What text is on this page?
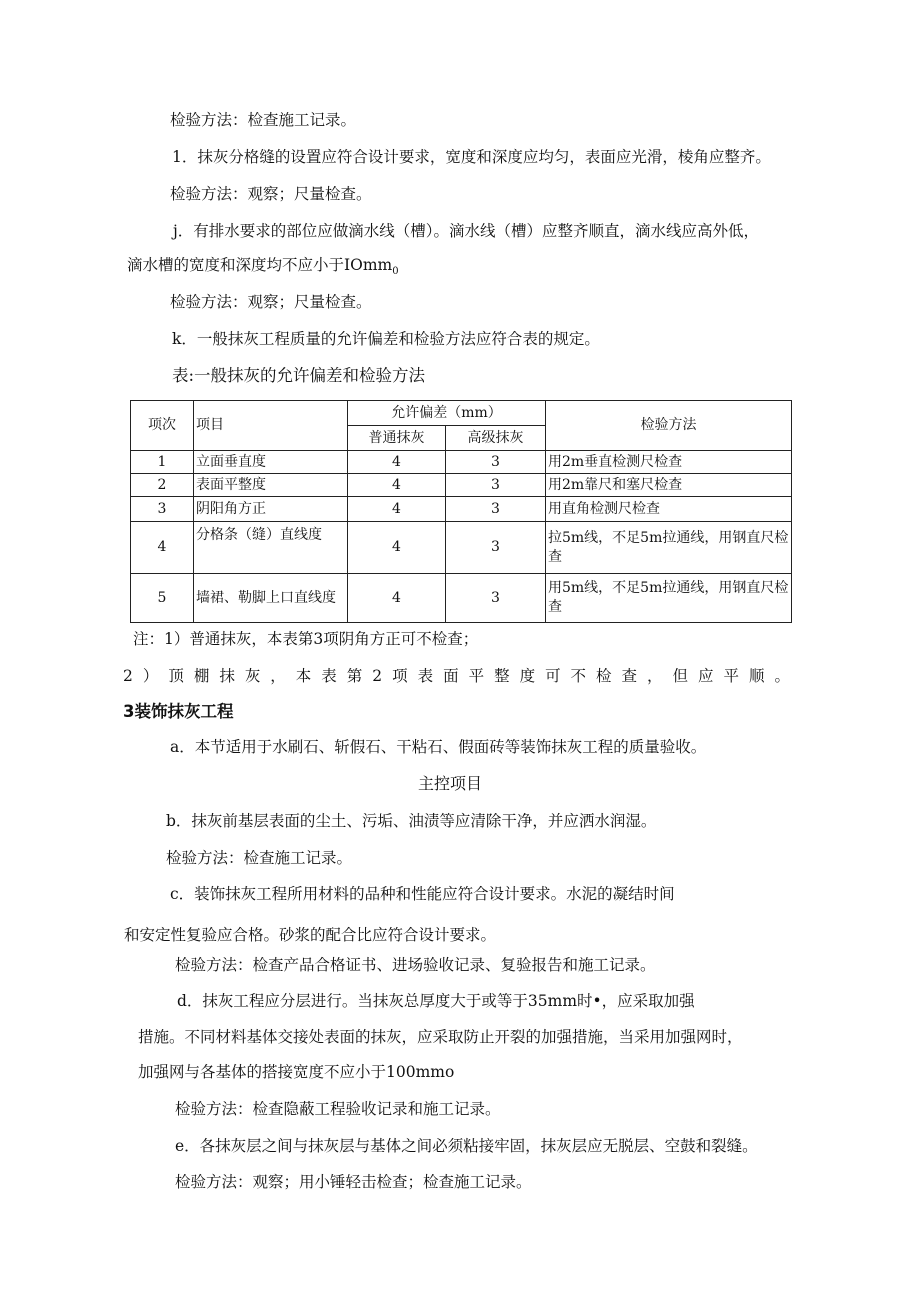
检验方法：检查施工记录。
1．抹灰分格缝的设置应符合设计要求，宽度和深度应均匀，表面应光滑，棱角应整齐。
检验方法：观察；尺量检查。
j．有排水要求的部位应做滴水线（槽）。滴水线（槽）应整齐顺直，滴水线应高外低，
滴水槽的宽度和深度均不应小于IOmm$_0$
检验方法：观察；尺量检查。
k．一般抹灰工程质量的允许偏差和检验方法应符合表的规定。
表:一般抹灰的允许偏差和检验方法
项次	项目	允许偏差（mm）		检验方法
		普通抹灰	高级抹灰	
1	立面垂直度	4	3	用2m垂直检测尺检查
2	表面平整度	4	3	用2m靠尺和塞尺检查
3	阴阳角方正	4	3	用直角检测尺检查
4	分格条（缝）直线度	4	3	拉5m线，不足5m拉通线，用钢直尺检查
5	墙裙、勒脚上口直线度	4	3	用5m线，不足5m拉通线，用钢直尺检查
注：1）普通抹灰，本表第3项阴角方正可不检查；
2）顶棚抹灰，本表第2项表面平整度可不检查，但应平顺。
3装饰抹灰工程
a．本节适用于水刷石、斩假石、干粘石、假面砖等装饰抹灰工程的质量验收。
主控项目
b．抹灰前基层表面的尘土、污垢、油渍等应清除干净，并应洒水润湿。
检验方法：检查施工记录。
c．装饰抹灰工程所用材料的品种和性能应符合设计要求。水泥的凝结时间
和安定性复验应合格。砂浆的配合比应符合设计要求。
检验方法：检查产品合格证书、进场验收记录、复验报告和施工记录。
d．抹灰工程应分层进行。当抹灰总厚度大于或等于35mm时•，应采取加强
措施。不同材料基体交接处表面的抹灰，应采取防止开裂的加强措施，当采用加强网时，
加强网与各基体的搭接宽度不应小于100mmo
检验方法：检查隐蔽工程验收记录和施工记录。
e．各抹灰层之间与抹灰层与基体之间必须粘接牢固，抹灰层应无脱层、空鼓和裂缝。
检验方法：观察；用小锤轻击检查；检查施工记录。
